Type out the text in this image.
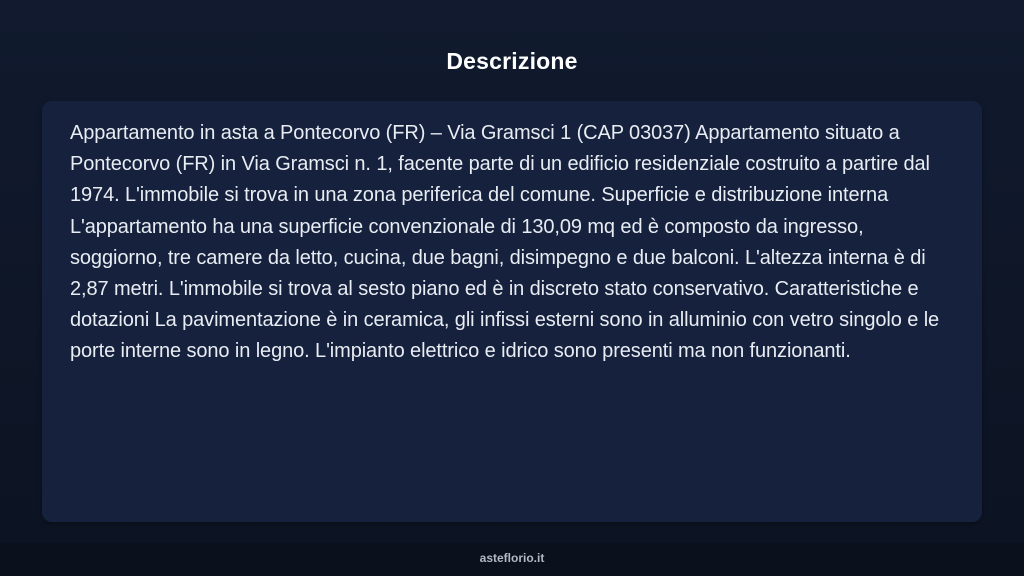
Descrizione
Appartamento in asta a Pontecorvo (FR) – Via Gramsci 1 (CAP 03037) Appartamento situato a Pontecorvo (FR) in Via Gramsci n. 1, facente parte di un edificio residenziale costruito a partire dal 1974. L'immobile si trova in una zona periferica del comune. Superficie e distribuzione interna L'appartamento ha una superficie convenzionale di 130,09 mq ed è composto da ingresso, soggiorno, tre camere da letto, cucina, due bagni, disimpegno e due balconi. L'altezza interna è di 2,87 metri. L'immobile si trova al sesto piano ed è in discreto stato conservativo. Caratteristiche e dotazioni La pavimentazione è in ceramica, gli infissi esterni sono in alluminio con vetro singolo e le porte interne sono in legno. L'impianto elettrico e idrico sono presenti ma non funzionanti.
asteflorio.it
